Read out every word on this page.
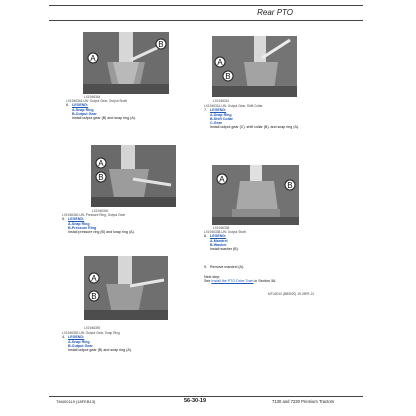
Rear PTO
A
B
LX1946344
LX1946344-UN: Output Gear, Output Shaft
6. LEGEND:
A-Snap Ring
B-Output Gear
Install output gear (B) and snap ring (A).
A
B
LX1946341
LX1946341-UN: Output Gear, Shift Collar
7. LEGEND:
A-Snap Ring
B-Shift Collar
C-Gear
Install output gear (C), shift collar (B), and snap ring (A).
A
B
LX1946340
LX1946340-UN: Pressure Ring, Output Gear
5. LEGEND:
A-Snap Ring
B-Pressure Ring
Install pressure ring (B) and snap ring (A).
A
B
LX1946338
LX1946338-UN: Output Shaft
8. LEGEND:
A-Mandrel
B-Washer
Install washer (B).
9. Remove mandrel (A).
Next step:
See Install the PTO Drive Train in Section 56.
MTU0010 (BB5920) 19-29RF-21
A
B
LX1946392
LX1946392-UN: Output Gear, Snap Ring
4. LEGEND:
A-Snap Ring
B-Output Gear
Install output gear (B) and snap ring (A).
TM400119 (18FEB13)	56-30-19	7130 and 7230 Premium Tractors
